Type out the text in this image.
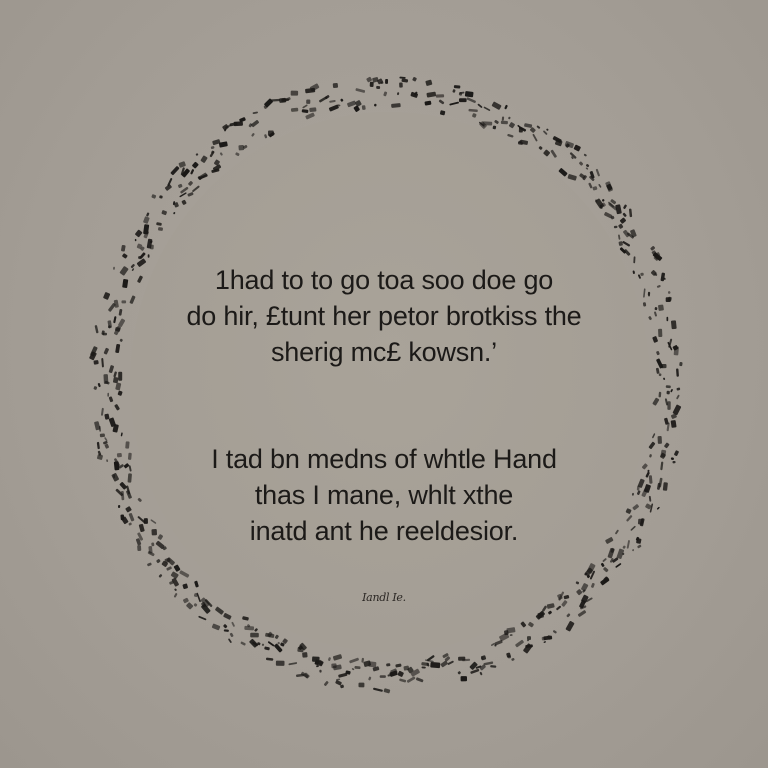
1had to to go toa soo doe go
do hir, £tunt her petor brotkiss the
sherig mc£ kowsn.’
I tad bn medns of whtle Hand
thas I mane, whlt xthe
inatd ant he reeldesior.
Iandl Ie.
